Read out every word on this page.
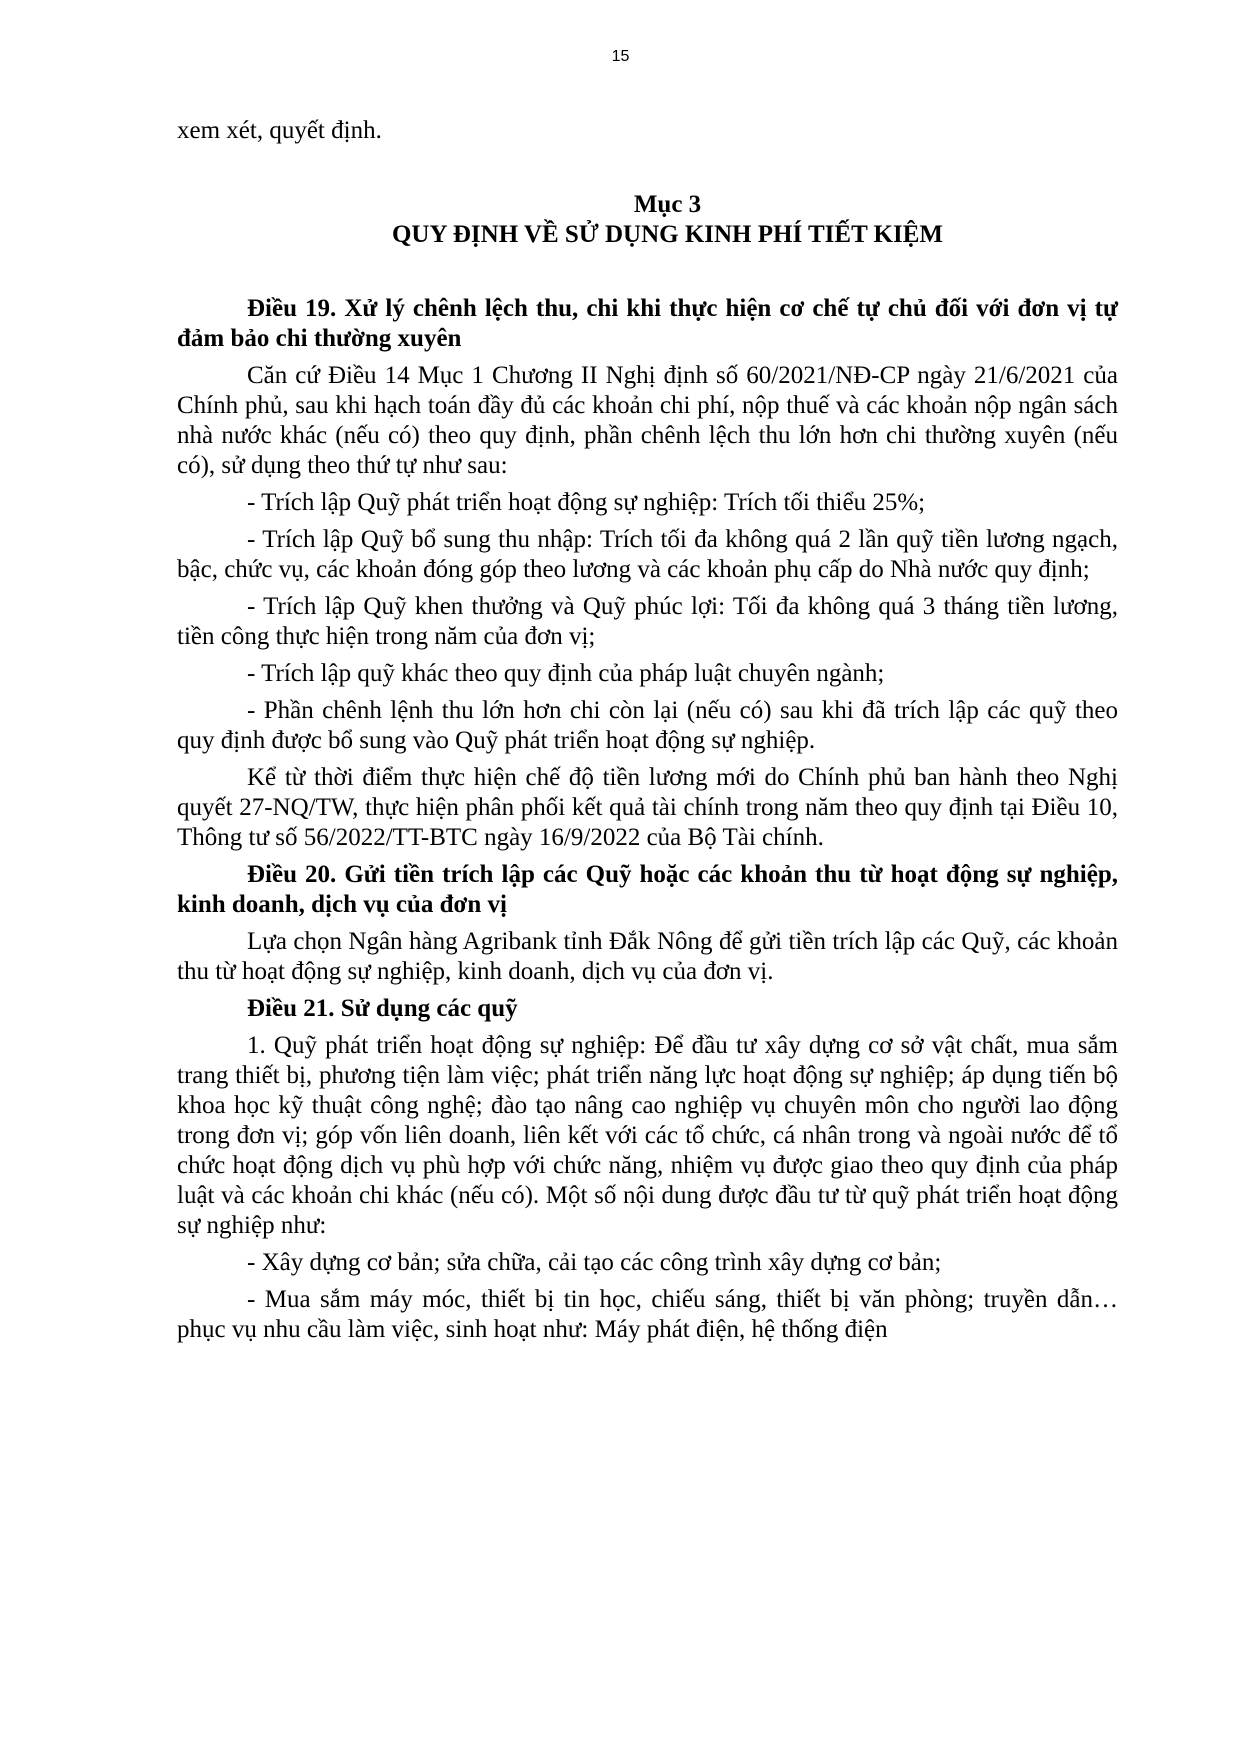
15

xem xét, quyết định.

Mục 3

QUY ĐỊNH VỀ SỬ DỤNG KINH PHÍ TIẾT KIỆM

Điều 19. Xử lý chênh lệch thu, chi khi thực hiện cơ chế tự chủ đối với đơn vị tự đảm bảo chi thường xuyên

Căn cứ Điều 14 Mục 1 Chương II Nghị định số 60/2021/NĐ-CP ngày 21/6/2021 của Chính phủ, sau khi hạch toán đầy đủ các khoản chi phí, nộp thuế và các khoản nộp ngân sách nhà nước khác (nếu có) theo quy định, phần chênh lệch thu lớn hơn chi thường xuyên (nếu có), sử dụng theo thứ tự như sau:

- Trích lập Quỹ phát triển hoạt động sự nghiệp: Trích tối thiểu 25%;

- Trích lập Quỹ bổ sung thu nhập: Trích tối đa không quá 2 lần quỹ tiền lương ngạch, bậc, chức vụ, các khoản đóng góp theo lương và các khoản phụ cấp do Nhà nước quy định;

- Trích lập Quỹ khen thưởng và Quỹ phúc lợi: Tối đa không quá 3 tháng tiền lương, tiền công thực hiện trong năm của đơn vị;

- Trích lập quỹ khác theo quy định của pháp luật chuyên ngành;

- Phần chênh lệnh thu lớn hơn chi còn lại (nếu có) sau khi đã trích lập các quỹ theo quy định được bổ sung vào Quỹ phát triển hoạt động sự nghiệp.

Kể từ thời điểm thực hiện chế độ tiền lương mới do Chính phủ ban hành theo Nghị quyết 27-NQ/TW, thực hiện phân phối kết quả tài chính trong năm theo quy định tại Điều 10, Thông tư số 56/2022/TT-BTC ngày 16/9/2022 của Bộ Tài chính.

Điều 20. Gửi tiền trích lập các Quỹ hoặc các khoản thu từ hoạt động sự nghiệp, kinh doanh, dịch vụ của đơn vị

Lựa chọn Ngân hàng Agribank tỉnh Đắk Nông để gửi tiền trích lập các Quỹ, các khoản thu từ hoạt động sự nghiệp, kinh doanh, dịch vụ của đơn vị.

Điều 21. Sử dụng các quỹ

1. Quỹ phát triển hoạt động sự nghiệp: Để đầu tư xây dựng cơ sở vật chất, mua sắm trang thiết bị, phương tiện làm việc; phát triển năng lực hoạt động sự nghiệp; áp dụng tiến bộ khoa học kỹ thuật công nghệ; đào tạo nâng cao nghiệp vụ chuyên môn cho người lao động trong đơn vị; góp vốn liên doanh, liên kết với các tổ chức, cá nhân trong và ngoài nước để tổ chức hoạt động dịch vụ phù hợp với chức năng, nhiệm vụ được giao theo quy định của pháp luật và các khoản chi khác (nếu có). Một số nội dung được đầu tư từ quỹ phát triển hoạt động sự nghiệp như:

- Xây dựng cơ bản; sửa chữa, cải tạo các công trình xây dựng cơ bản;

- Mua sắm máy móc, thiết bị tin học, chiếu sáng, thiết bị văn phòng; truyền dẫn… phục vụ nhu cầu làm việc, sinh hoạt như: Máy phát điện, hệ thống điện
